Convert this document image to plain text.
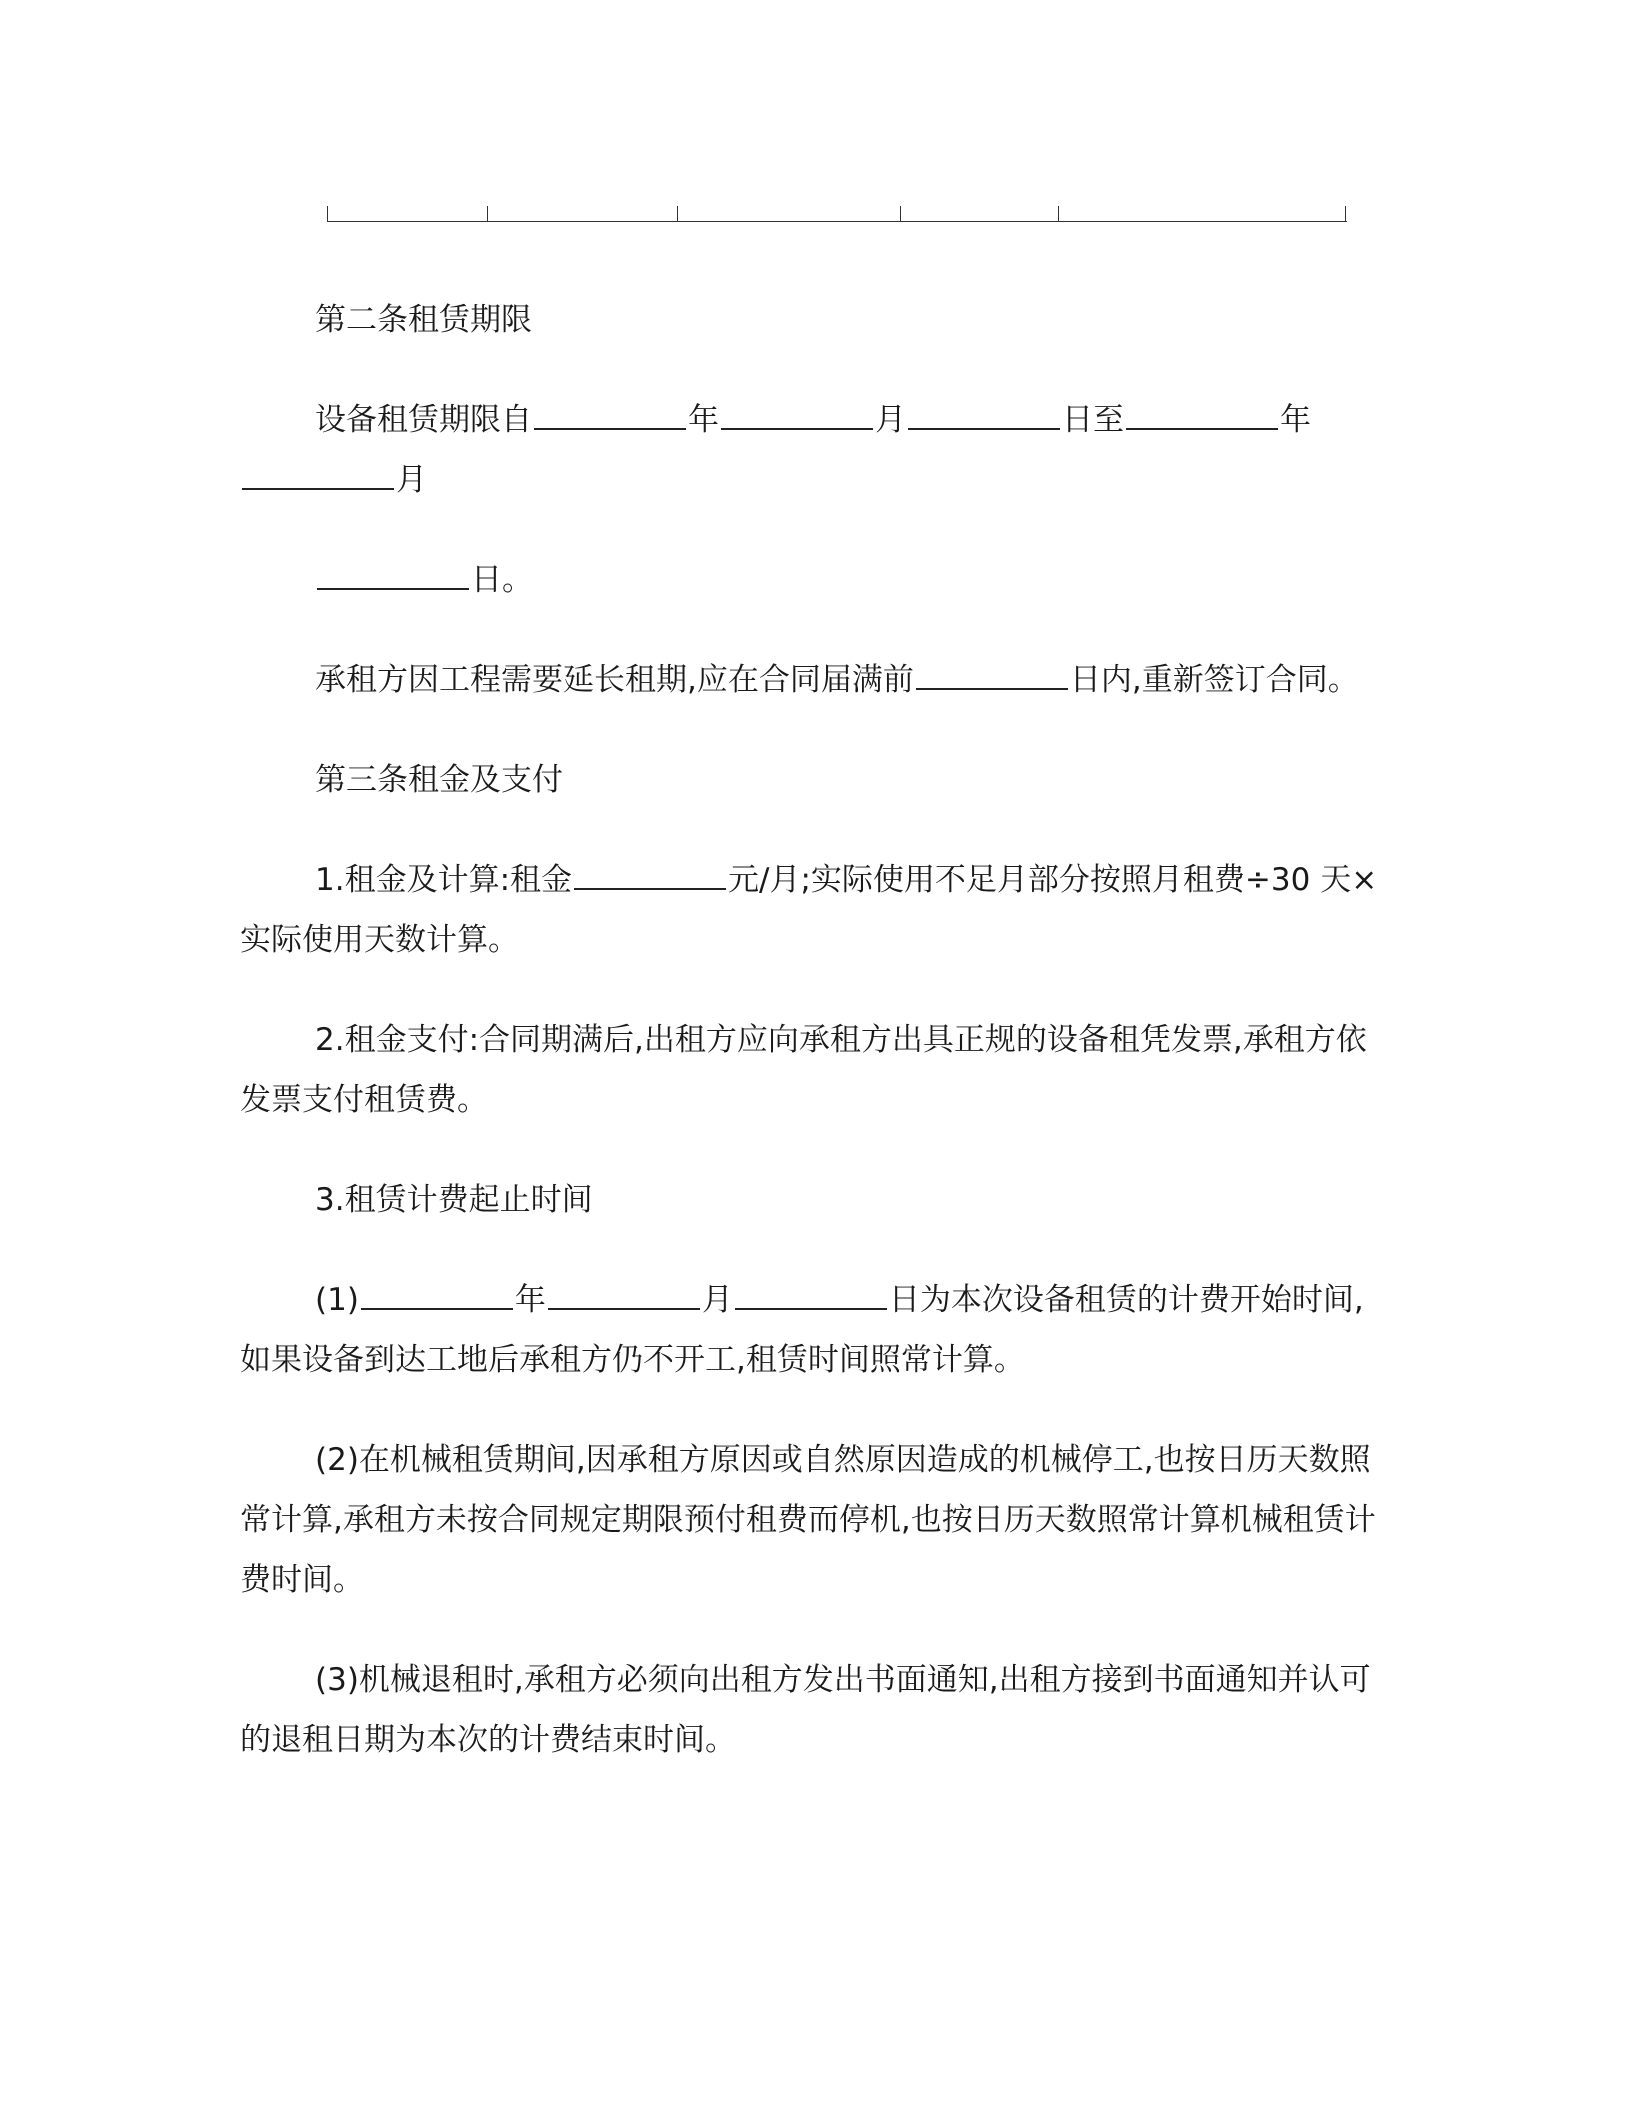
第二条租赁期限

设备租赁期限自	年	月	日至	年月

日。

承租方因工程需要延长租期,应在合同届满前	日内,重新签订合同。

第三条租金及支付

1.租金及计算:租金	元/月;实际使用不足月部分按照月租费÷30 天×实际使用天数计算。

2.租金支付:合同期满后,出租方应向承租方出具正规的设备租凭发票,承租方依发票支付租赁费。

3.租赁计费起止时间

(1)	年	月	日为本次设备租赁的计费开始时间,如果设备到达工地后承租方仍不开工,租赁时间照常计算。

(2)在机械租赁期间,因承租方原因或自然原因造成的机械停工,也按日历天数照常计算,承租方未按合同规定期限预付租费而停机,也按日历天数照常计算机械租赁计费时间。

(3)机械退租时,承租方必须向出租方发出书面通知,出租方接到书面通知并认可的退租日期为本次的计费结束时间。
